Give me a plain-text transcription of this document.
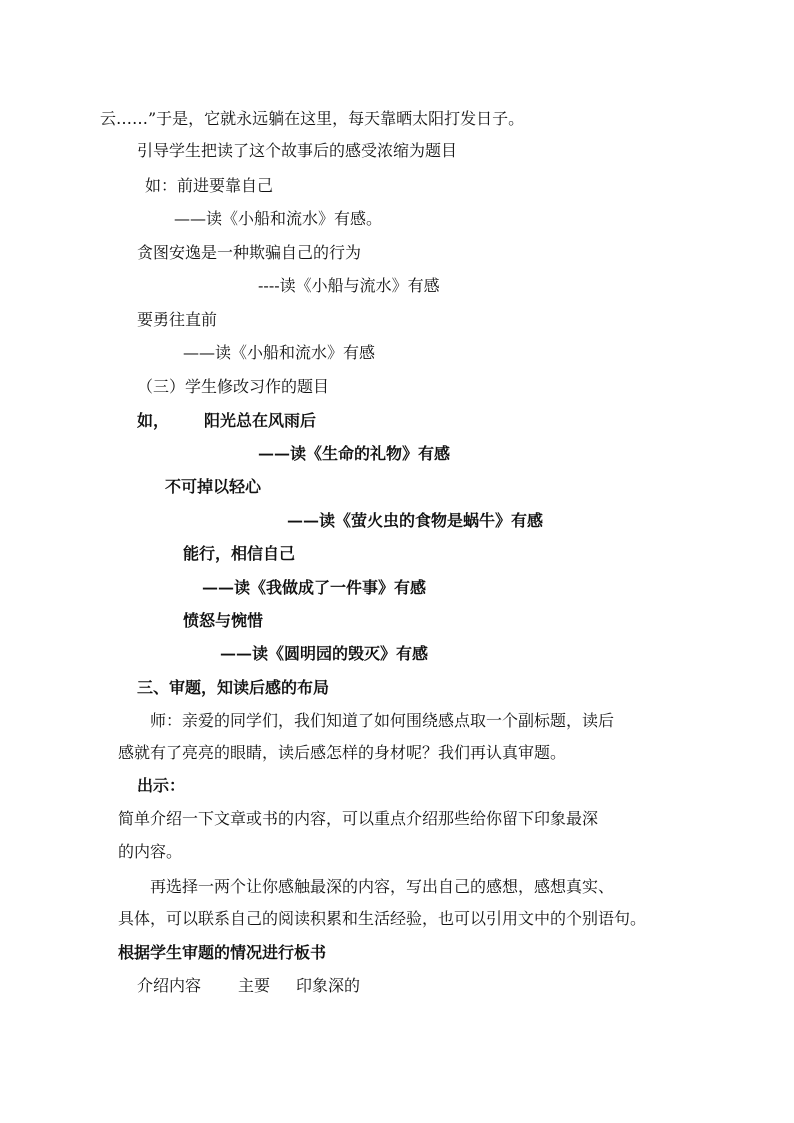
云……”于是，它就永远躺在这里，每天靠晒太阳打发日子。
引导学生把读了这个故事后的感受浓缩为题目
如：前进要靠自己
——读《小船和流水》有感。
贪图安逸是一种欺骗自己的行为
----读《小船与流水》有感
要勇往直前
——读《小船和流水》有感
（三）学生修改习作的题目
如， 阳光总在风雨后
——读《生命的礼物》有感
不可掉以轻心
——读《萤火虫的食物是蜗牛》有感
能行，相信自己
——读《我做成了一件事》有感
愤怒与惋惜
——读《圆明园的毁灭》有感
三、审题，知读后感的布局
师：亲爱的同学们，我们知道了如何围绕感点取一个副标题，读后
感就有了亮亮的眼睛，读后感怎样的身材呢？我们再认真审题。
出示：
简单介绍一下文章或书的内容，可以重点介绍那些给你留下印象最深
的内容。
再选择一两个让你感触最深的内容，写出自己的感想，感想真实、
具体，可以联系自己的阅读积累和生活经验，也可以引用文中的个别语句。
根据学生审题的情况进行板书
介绍内容 主要 印象深的
